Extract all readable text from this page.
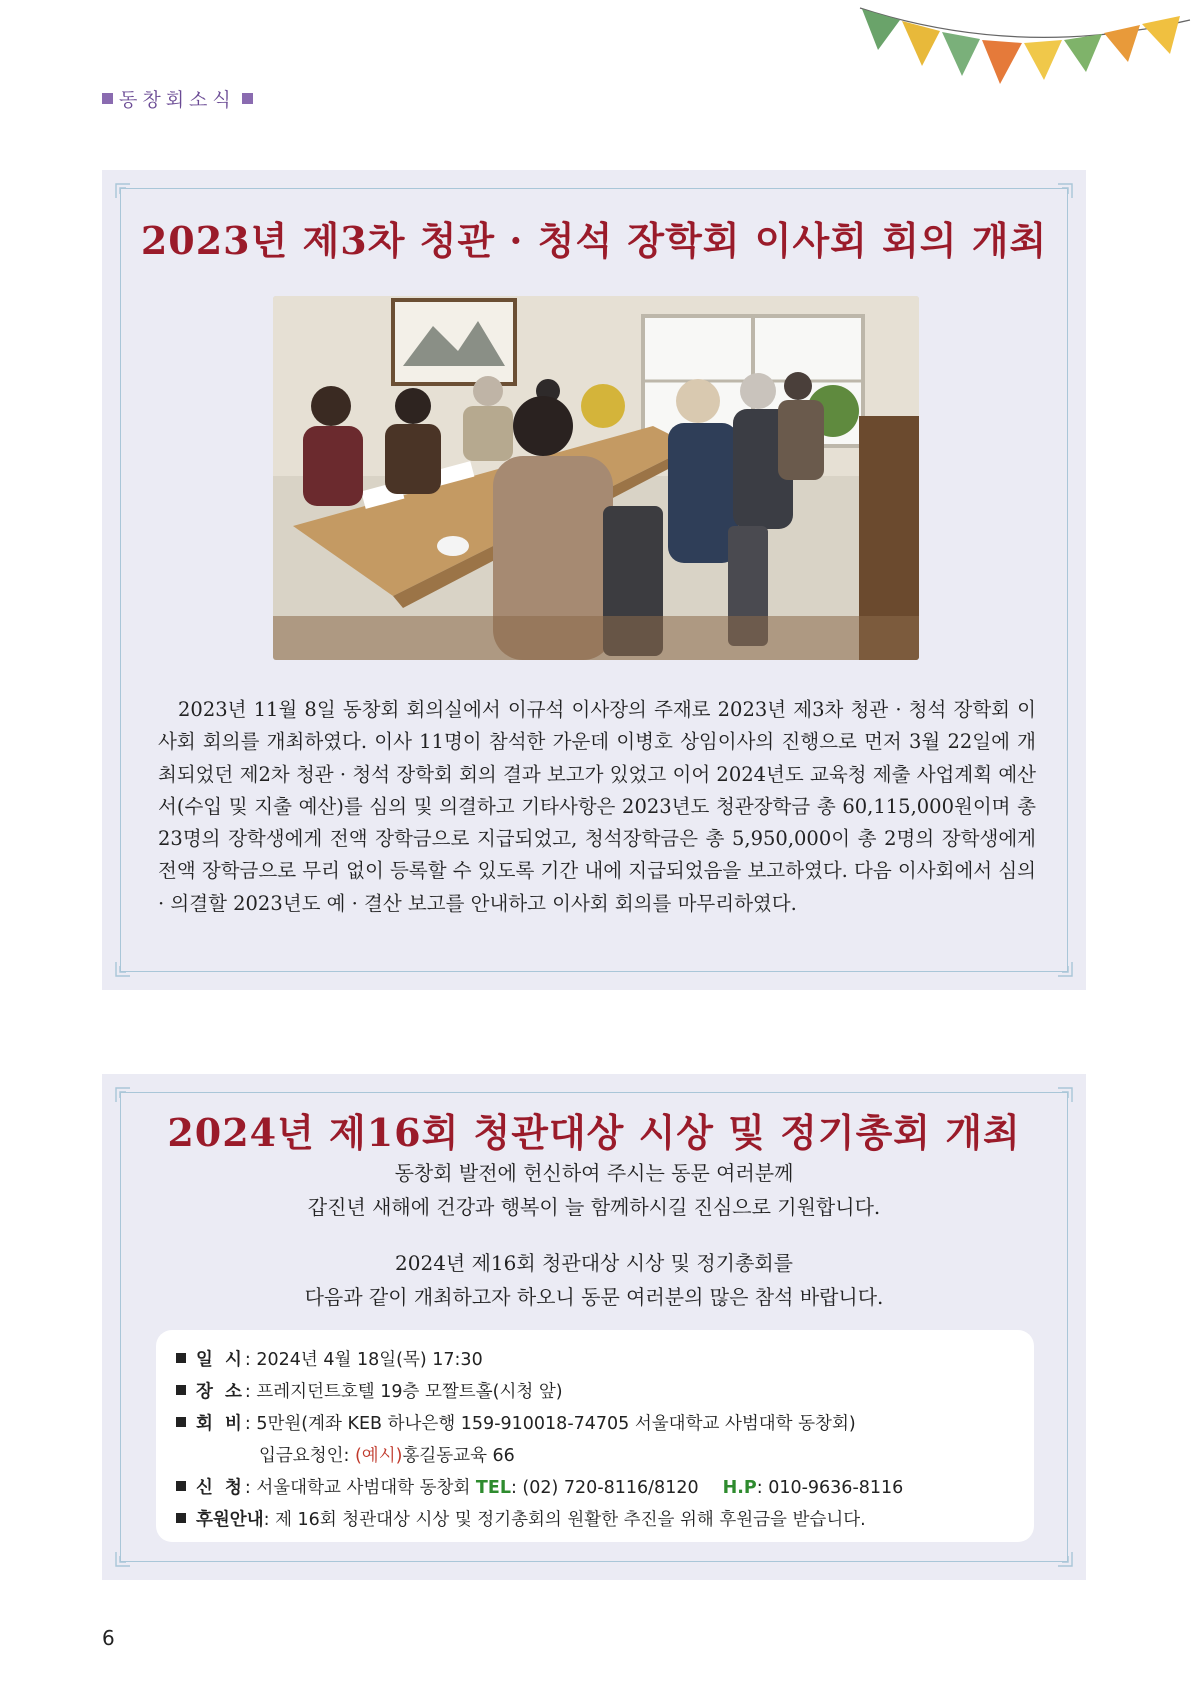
동창회소식
2023년 제3차 청관 · 청석 장학회 이사회 회의 개최

2023년 11월 8일 동창회 회의실에서 이규석 이사장의 주재로 2023년 제3차 청관 · 청석 장학회 이사회 회의를 개최하였다. 이사 11명이 참석한 가운데 이병호 상임이사의 진행으로 먼저 3월 22일에 개최되었던 제2차 청관 · 청석 장학회 회의 결과 보고가 있었고 이어 2024년도 교육청 제출 사업계획 예산서(수입 및 지출 예산)를 심의 및 의결하고 기타사항은 2023년도 청관장학금 총 60,115,000원이며 총 23명의 장학생에게 전액 장학금으로 지급되었고, 청석장학금은 총 5,950,000이 총 2명의 장학생에게 전액 장학금으로 무리 없이 등록할 수 있도록 기간 내에 지급되었음을 보고하였다. 다음 이사회에서 심의 · 의결할 2023년도 예 · 결산 보고를 안내하고 이사회 회의를 마무리하였다.

2024년 제16회 청관대상 시상 및 정기총회 개최
동창회 발전에 헌신하여 주시는 동문 여러분께
갑진년 새해에 건강과 행복이 늘 함께하시길 진심으로 기원합니다.
2024년 제16회 청관대상 시상 및 정기총회를
다음과 같이 개최하고자 하오니 동문 여러분의 많은 참석 바랍니다.
일 시: 2024년 4월 18일(목) 17:30
장 소: 프레지던트호텔 19층 모짤트홀(시청 앞)
회 비: 5만원(계좌 KEB 하나은행 159-910018-74705 서울대학교 사범대학 동창회)
입금요청인: (예시)홍길동교육 66
신 청: 서울대학교 사범대학 동창회 TEL: (02) 720-8116/8120 H.P: 010-9636-8116
후원안내: 제 16회 청관대상 시상 및 정기총회의 원활한 추진을 위해 후원금을 받습니다.
6
